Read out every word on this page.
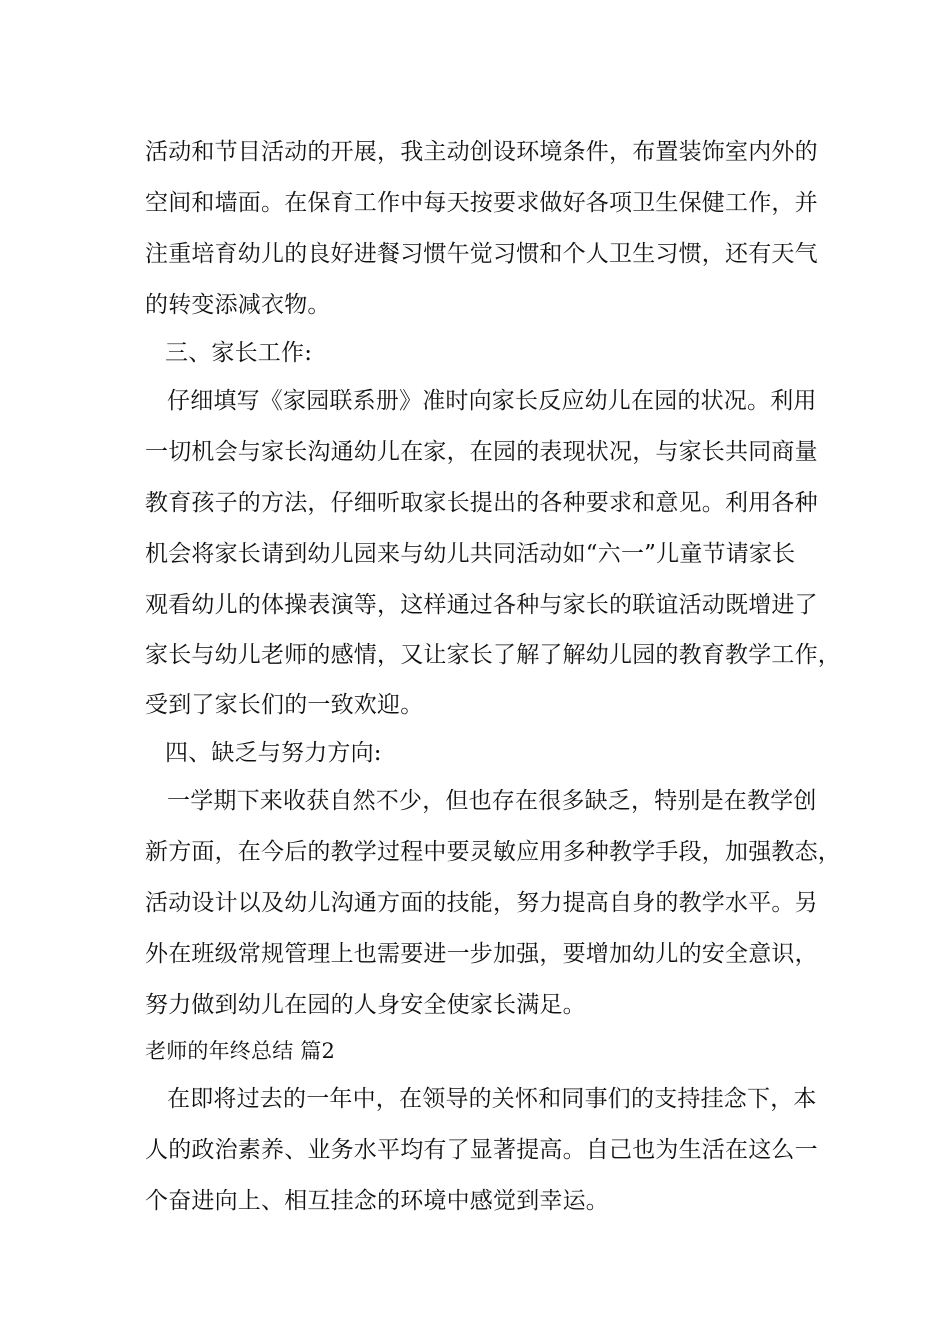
活动和节目活动的开展，我主动创设环境条件，布置装饰室内外的
空间和墙面。在保育工作中每天按要求做好各项卫生保健工作，并
注重培育幼儿的良好进餐习惯午觉习惯和个人卫生习惯，还有天气
的转变添减衣物。
三、家长工作:
仔细填写《家园联系册》准时向家长反应幼儿在园的状况。利用
一切机会与家长沟通幼儿在家，在园的表现状况，与家长共同商量
教育孩子的方法，仔细听取家长提出的各种要求和意见。利用各种
机会将家长请到幼儿园来与幼儿共同活动如“六一”儿童节请家长
观看幼儿的体操表演等，这样通过各种与家长的联谊活动既增进了
家长与幼儿老师的感情，又让家长了解了解幼儿园的教育教学工作，
受到了家长们的一致欢迎。
四、缺乏与努力方向:
一学期下来收获自然不少，但也存在很多缺乏，特别是在教学创
新方面，在今后的教学过程中要灵敏应用多种教学手段，加强教态，
活动设计以及幼儿沟通方面的技能，努力提高自身的教学水平。另
外在班级常规管理上也需要进一步加强，要增加幼儿的安全意识，
努力做到幼儿在园的人身安全使家长满足。
老师的年终总结 篇2
在即将过去的一年中，在领导的关怀和同事们的支持挂念下，本
人的政治素养、业务水平均有了显著提高。自己也为生活在这么一
个奋进向上、相互挂念的环境中感觉到幸运。
